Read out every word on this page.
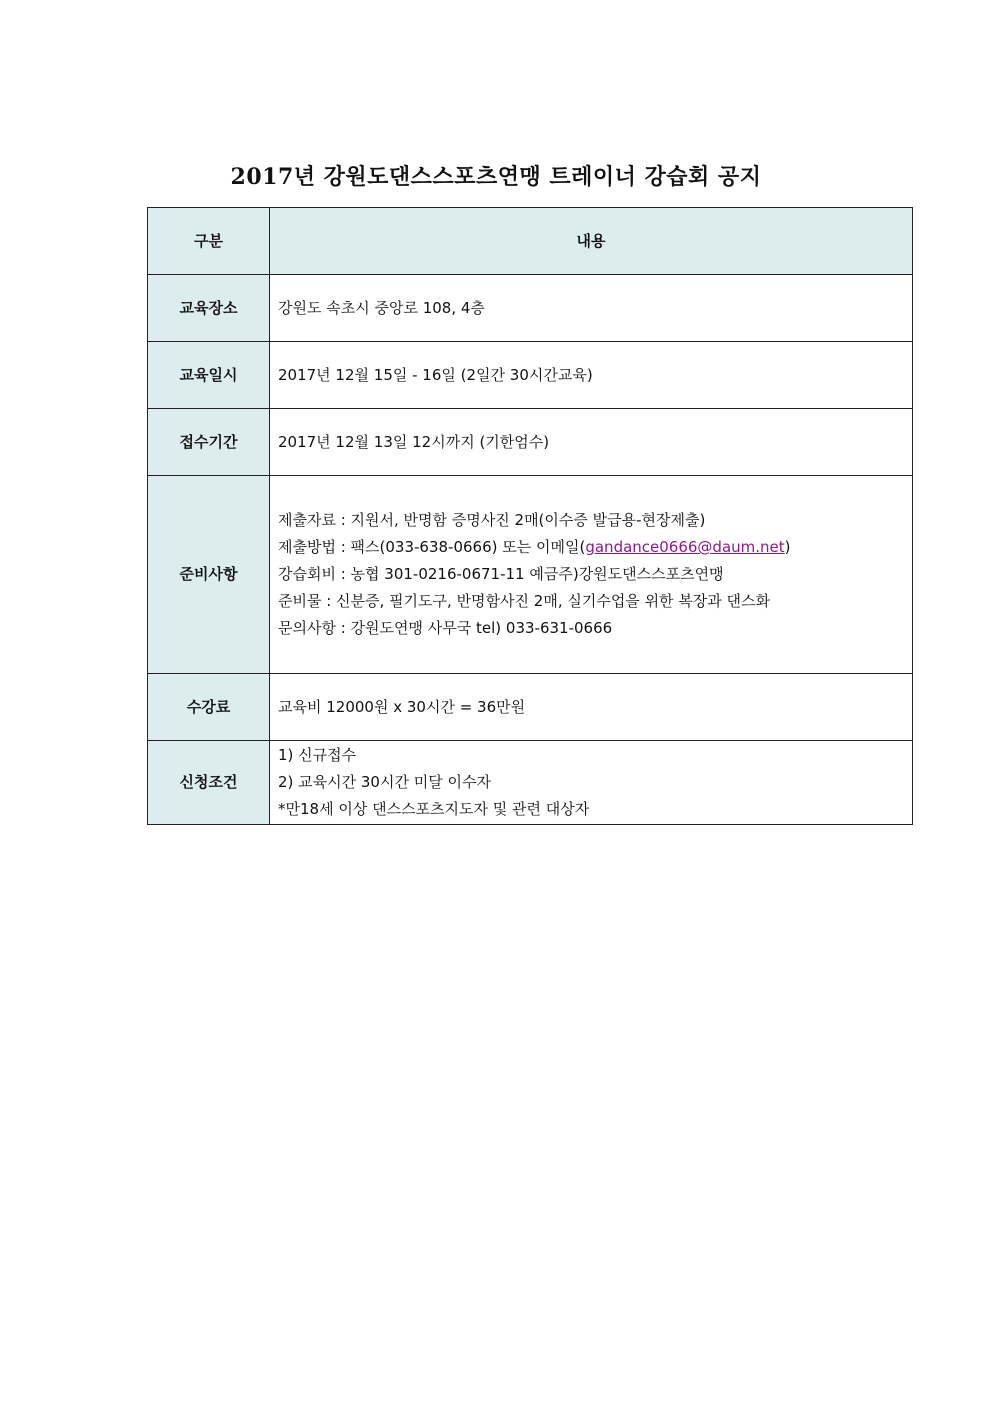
2017년 강원도댄스스포츠연맹 트레이너 강습회 공지
구분	내용
교육장소	강원도 속초시 중앙로 108, 4층
교육일시	2017년 12월 15일 - 16일 (2일간 30시간교육)
접수기간	2017년 12월 13일 12시까지 (기한엄수)
준비사항	제출자료 : 지원서, 반명함 증명사진 2매(이수증 발급용-현장제출)
제출방법 : 팩스(033-638-0666) 또는 이메일(gandance0666@daum.net)
강습회비 : 농협 301-0216-0671-11 예금주)강원도댄스스포츠연맹
준비물 : 신분증, 필기도구, 반명함사진 2매, 실기수업을 위한 복장과 댄스화
문의사항 : 강원도연맹 사무국 tel) 033-631-0666

수강료	교육비 12000원 x 30시간 = 36만원
신청조건	1) 신규접수
2) 교육시간 30시간 미달 이수자
*만18세 이상 댄스스포츠지도자 및 관련 대상자
